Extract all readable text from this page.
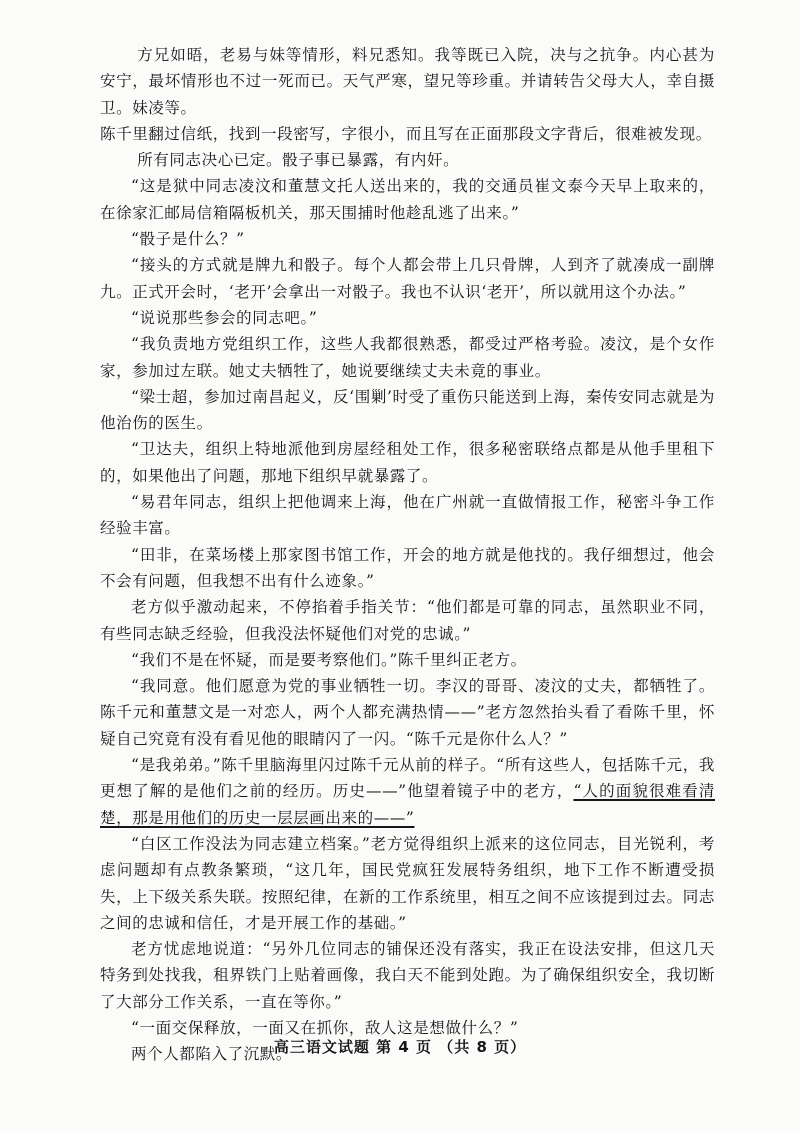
方兄如晤，老易与妹等情形，料兄悉知。我等既已入院，决与之抗争。内心甚为安宁，最坏情形也不过一死而已。天气严寒，望兄等珍重。并请转告父母大人，幸自摄卫。妹凌等。

陈千里翻过信纸，找到一段密写，字很小，而且写在正面那段文字背后，很难被发现。

所有同志决心已定。骰子事已暴露，有内奸。

“这是狱中同志凌汶和董慧文托人送出来的，我的交通员崔文泰今天早上取来的，在徐家汇邮局信箱隔板机关，那天围捕时他趁乱逃了出来。”

“骰子是什么？”

“接头的方式就是牌九和骰子。每个人都会带上几只骨牌，人到齐了就凑成一副牌九。正式开会时，‘老开’会拿出一对骰子。我也不认识‘老开’，所以就用这个办法。”

“说说那些参会的同志吧。”

“我负责地方党组织工作，这些人我都很熟悉，都受过严格考验。凌汶，是个女作家，参加过左联。她丈夫牺牲了，她说要继续丈夫未竟的事业。

“梁士超，参加过南昌起义，反‘围剿’时受了重伤只能送到上海，秦传安同志就是为他治伤的医生。

“卫达夫，组织上特地派他到房屋经租处工作，很多秘密联络点都是从他手里租下的，如果他出了问题，那地下组织早就暴露了。

“易君年同志，组织上把他调来上海，他在广州就一直做情报工作，秘密斗争工作经验丰富。

“田非，在菜场楼上那家图书馆工作，开会的地方就是他找的。我仔细想过，他会不会有问题，但我想不出有什么迹象。”

老方似乎激动起来，不停掐着手指关节：“他们都是可靠的同志，虽然职业不同，有些同志缺乏经验，但我没法怀疑他们对党的忠诚。”

“我们不是在怀疑，而是要考察他们。”陈千里纠正老方。

“我同意。他们愿意为党的事业牺牲一切。李汉的哥哥、凌汶的丈夫，都牺牲了。陈千元和董慧文是一对恋人，两个人都充满热情——”老方忽然抬头看了看陈千里，怀疑自己究竟有没有看见他的眼睛闪了一闪。“陈千元是你什么人？”

“是我弟弟。”陈千里脑海里闪过陈千元从前的样子。“所有这些人，包括陈千元，我更想了解的是他们之前的经历。历史——”他望着镜子中的老方，“人的面貌很难看清楚，那是用他们的历史一层层画出来的——”

“白区工作没法为同志建立档案。”老方觉得组织上派来的这位同志，目光锐利，考虑问题却有点教条繁琐，“这几年，国民党疯狂发展特务组织，地下工作不断遭受损失，上下级关系失联。按照纪律，在新的工作系统里，相互之间不应该提到过去。同志之间的忠诚和信任，才是开展工作的基础。”

老方忧虑地说道：“另外几位同志的铺保还没有落实，我正在设法安排，但这几天特务到处找我，租界铁门上贴着画像，我白天不能到处跑。为了确保组织安全，我切断了大部分工作关系，一直在等你。”

“一面交保释放，一面又在抓你，敌人这是想做什么？”

两个人都陷入了沉默。

高三语文试题 第 4 页 （共 8 页）
